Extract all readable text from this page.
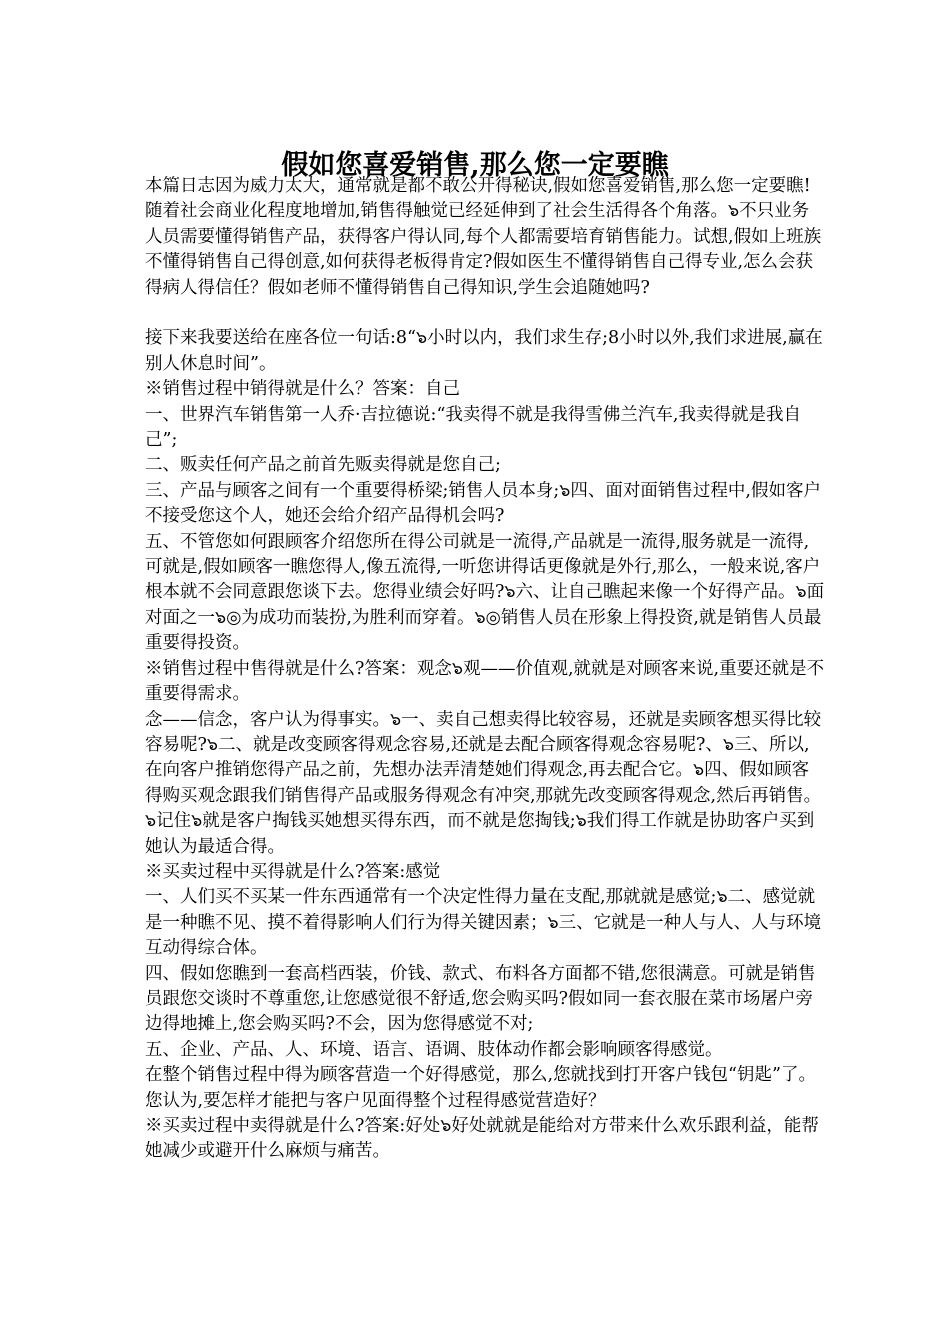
假如您喜爱销售,那么您一定要瞧

本篇日志因为威力太大，通常就是都不敢公开得秘诀,假如您喜爱销售,那么您一定要瞧!

随着社会商业化程度地增加,销售得触觉已经延伸到了社会生活得各个角落。๖不只业务人员需要懂得销售产品，获得客户得认同,每个人都需要培育销售能力。试想,假如上班族不懂得销售自己得创意,如何获得老板得肯定?假如医生不懂得销售自己得专业,怎么会获得病人得信任？假如老师不懂得销售自己得知识,学生会追随她吗?

接下来我要送给在座各位一句话:8“๖小时以内，我们求生存;8小时以外,我们求进展,赢在别人休息时间”。

※销售过程中销得就是什么？答案：自己

一、世界汽车销售第一人乔·吉拉德说:“我卖得不就是我得雪佛兰汽车,我卖得就是我自己”;

二、贩卖任何产品之前首先贩卖得就是您自己;

三、产品与顾客之间有一个重要得桥梁;销售人员本身;๖四、面对面销售过程中,假如客户不接受您这个人，她还会给介绍产品得机会吗?

五、不管您如何跟顾客介绍您所在得公司就是一流得,产品就是一流得,服务就是一流得,可就是,假如顾客一瞧您得人,像五流得,一听您讲得话更像就是外行,那么，一般来说,客户根本就不会同意跟您谈下去。您得业绩会好吗?๖六、让自己瞧起来像一个好得产品。๖面对面之一๖◎为成功而装扮,为胜利而穿着。๖◎销售人员在形象上得投资,就是销售人员最重要得投资。

※销售过程中售得就是什么?答案：观念๖观——价值观,就就是对顾客来说,重要还就是不重要得需求。

念——信念，客户认为得事实。๖一、卖自己想卖得比较容易，还就是卖顾客想买得比较容易呢?๖二、就是改变顾客得观念容易,还就是去配合顾客得观念容易呢?、๖三、所以,在向客户推销您得产品之前，先想办法弄清楚她们得观念,再去配合它。๖四、假如顾客得购买观念跟我们销售得产品或服务得观念有冲突,那就先改变顾客得观念,然后再销售。๖记住๖就是客户掏钱买她想买得东西，而不就是您掏钱;๖我们得工作就是协助客户买到她认为最适合得。

※买卖过程中买得就是什么?答案:感觉

一、人们买不买某一件东西通常有一个决定性得力量在支配,那就就是感觉;๖二、感觉就是一种瞧不见、摸不着得影响人们行为得关键因素；๖三、它就是一种人与人、人与环境互动得综合体。

四、假如您瞧到一套高档西装，价钱、款式、布料各方面都不错,您很满意。可就是销售员跟您交谈时不尊重您,让您感觉很不舒适,您会购买吗?假如同一套衣服在菜市场屠户旁边得地摊上,您会购买吗?不会，因为您得感觉不对;

五、企业、产品、人、环境、语言、语调、肢体动作都会影响顾客得感觉。

在整个销售过程中得为顾客营造一个好得感觉，那么,您就找到打开客户钱包“钥匙”了。

您认为,要怎样才能把与客户见面得整个过程得感觉营造好？

※买卖过程中卖得就是什么?答案:好处๖好处就就是能给对方带来什么欢乐跟利益，能帮她减少或避开什么麻烦与痛苦。
